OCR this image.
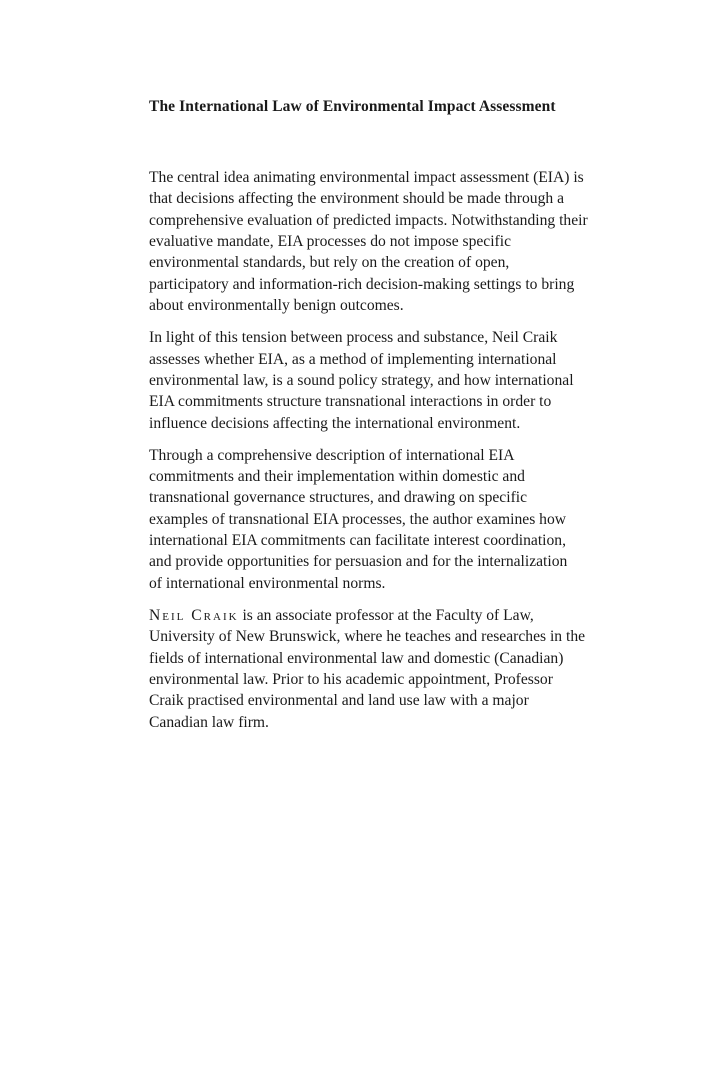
The International Law of Environmental Impact Assessment

The central idea animating environmental impact assessment (EIA) is
that decisions affecting the environment should be made through a
comprehensive evaluation of predicted impacts. Notwithstanding their
evaluative mandate, EIA processes do not impose specific
environmental standards, but rely on the creation of open,
participatory and information-rich decision-making settings to bring
about environmentally benign outcomes.

In light of this tension between process and substance, Neil Craik
assesses whether EIA, as a method of implementing international
environmental law, is a sound policy strategy, and how international
EIA commitments structure transnational interactions in order to
influence decisions affecting the international environment.

Through a comprehensive description of international EIA
commitments and their implementation within domestic and
transnational governance structures, and drawing on specific
examples of transnational EIA processes, the author examines how
international EIA commitments can facilitate interest coordination,
and provide opportunities for persuasion and for the internalization
of international environmental norms.

Neil Craik is an associate professor at the Faculty of Law,
University of New Brunswick, where he teaches and researches in the
fields of international environmental law and domestic (Canadian)
environmental law. Prior to his academic appointment, Professor
Craik practised environmental and land use law with a major
Canadian law firm.
